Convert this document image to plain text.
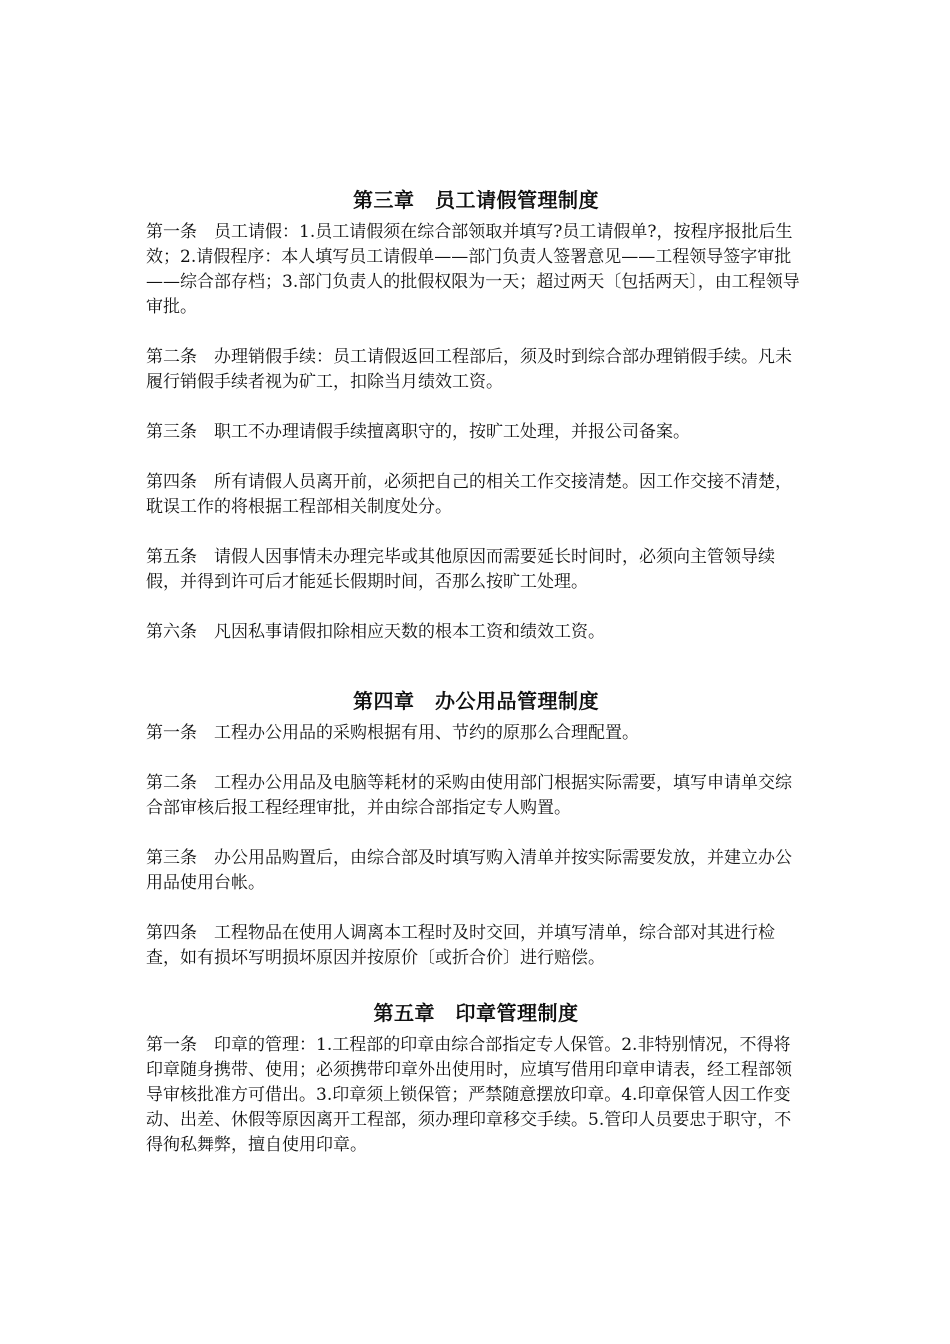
第三章　员工请假管理制度

第一条　员工请假：1.员工请假须在综合部领取并填写?员工请假单?，按程序报批后生效；2.请假程序：本人填写员工请假单——部门负责人签署意见——工程领导签字审批——综合部存档；3.部门负责人的批假权限为一天；超过两天〔包括两天〕，由工程领导审批。

第二条　办理销假手续：员工请假返回工程部后，须及时到综合部办理销假手续。凡未履行销假手续者视为矿工，扣除当月绩效工资。

第三条　职工不办理请假手续擅离职守的，按旷工处理，并报公司备案。

第四条　所有请假人员离开前，必须把自己的相关工作交接清楚。因工作交接不清楚，耽误工作的将根据工程部相关制度处分。

第五条　请假人因事情未办理完毕或其他原因而需要延长时间时，必须向主管领导续假，并得到许可后才能延长假期时间，否那么按旷工处理。

第六条　凡因私事请假扣除相应天数的根本工资和绩效工资。

第四章　办公用品管理制度

第一条　工程办公用品的采购根据有用、节约的原那么合理配置。

第二条　工程办公用品及电脑等耗材的采购由使用部门根据实际需要，填写申请单交综合部审核后报工程经理审批，并由综合部指定专人购置。

第三条　办公用品购置后，由综合部及时填写购入清单并按实际需要发放，并建立办公用品使用台帐。

第四条　工程物品在使用人调离本工程时及时交回，并填写清单，综合部对其进行检查，如有损坏写明损坏原因并按原价〔或折合价〕进行赔偿。

第五章　印章管理制度

第一条　印章的管理：1.工程部的印章由综合部指定专人保管。2.非特别情况，不得将印章随身携带、使用；必须携带印章外出使用时，应填写借用印章申请表，经工程部领导审核批准方可借出。3.印章须上锁保管；严禁随意摆放印章。4.印章保管人因工作变动、出差、休假等原因离开工程部，须办理印章移交手续。5.管印人员要忠于职守，不得徇私舞弊，擅自使用印章。
